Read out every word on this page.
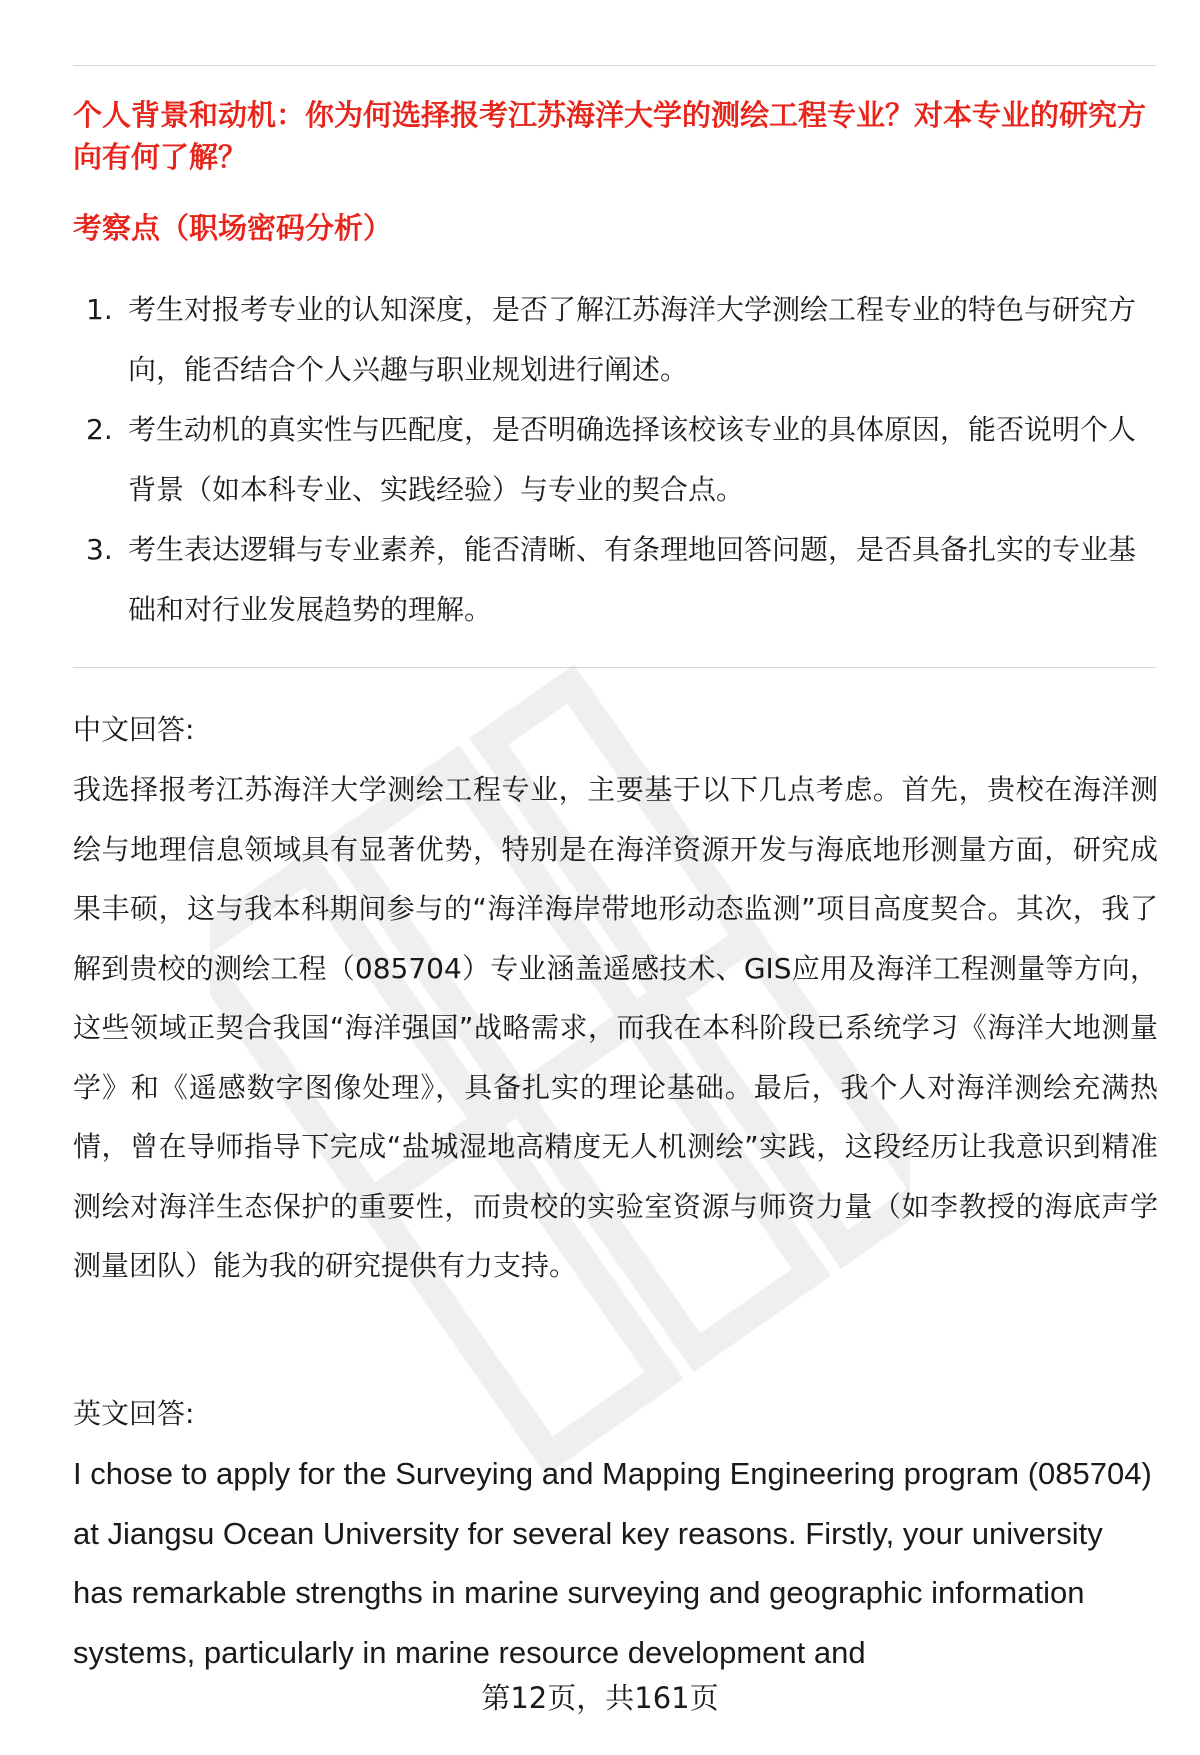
个人背景和动机：你为何选择报考江苏海洋大学的测绘工程专业？对本专业的研究方向有何了解？
考察点（职场密码分析）
1. 考生对报考专业的认知深度，是否了解江苏海洋大学测绘工程专业的特色与研究方向，能否结合个人兴趣与职业规划进行阐述。
2. 考生动机的真实性与匹配度，是否明确选择该校该专业的具体原因，能否说明个人背景（如本科专业、实践经验）与专业的契合点。
3. 考生表达逻辑与专业素养，能否清晰、有条理地回答问题，是否具备扎实的专业基础和对行业发展趋势的理解。

中文回答:

我选择报考江苏海洋大学测绘工程专业，主要基于以下几点考虑。首先，贵校在海洋测绘与地理信息领域具有显著优势，特别是在海洋资源开发与海底地形测量方面，研究成果丰硕，这与我本科期间参与的“海洋海岸带地形动态监测”项目高度契合。其次，我了解到贵校的测绘工程（085704）专业涵盖遥感技术、GIS应用及海洋工程测量等方向，这些领域正契合我国“海洋强国”战略需求，而我在本科阶段已系统学习《海洋大地测量学》和《遥感数字图像处理》，具备扎实的理论基础。最后，我个人对海洋测绘充满热情，曾在导师指导下完成“盐城湿地高精度无人机测绘”实践，这段经历让我意识到精准测绘对海洋生态保护的重要性，而贵校的实验室资源与师资力量（如李教授的海底声学测量团队）能为我的研究提供有力支持。

英文回答:

I chose to apply for the Surveying and Mapping Engineering program (085704) at Jiangsu Ocean University for several key reasons. Firstly, your university has remarkable strengths in marine surveying and geographic information systems, particularly in marine resource development and

第12页，共161页
